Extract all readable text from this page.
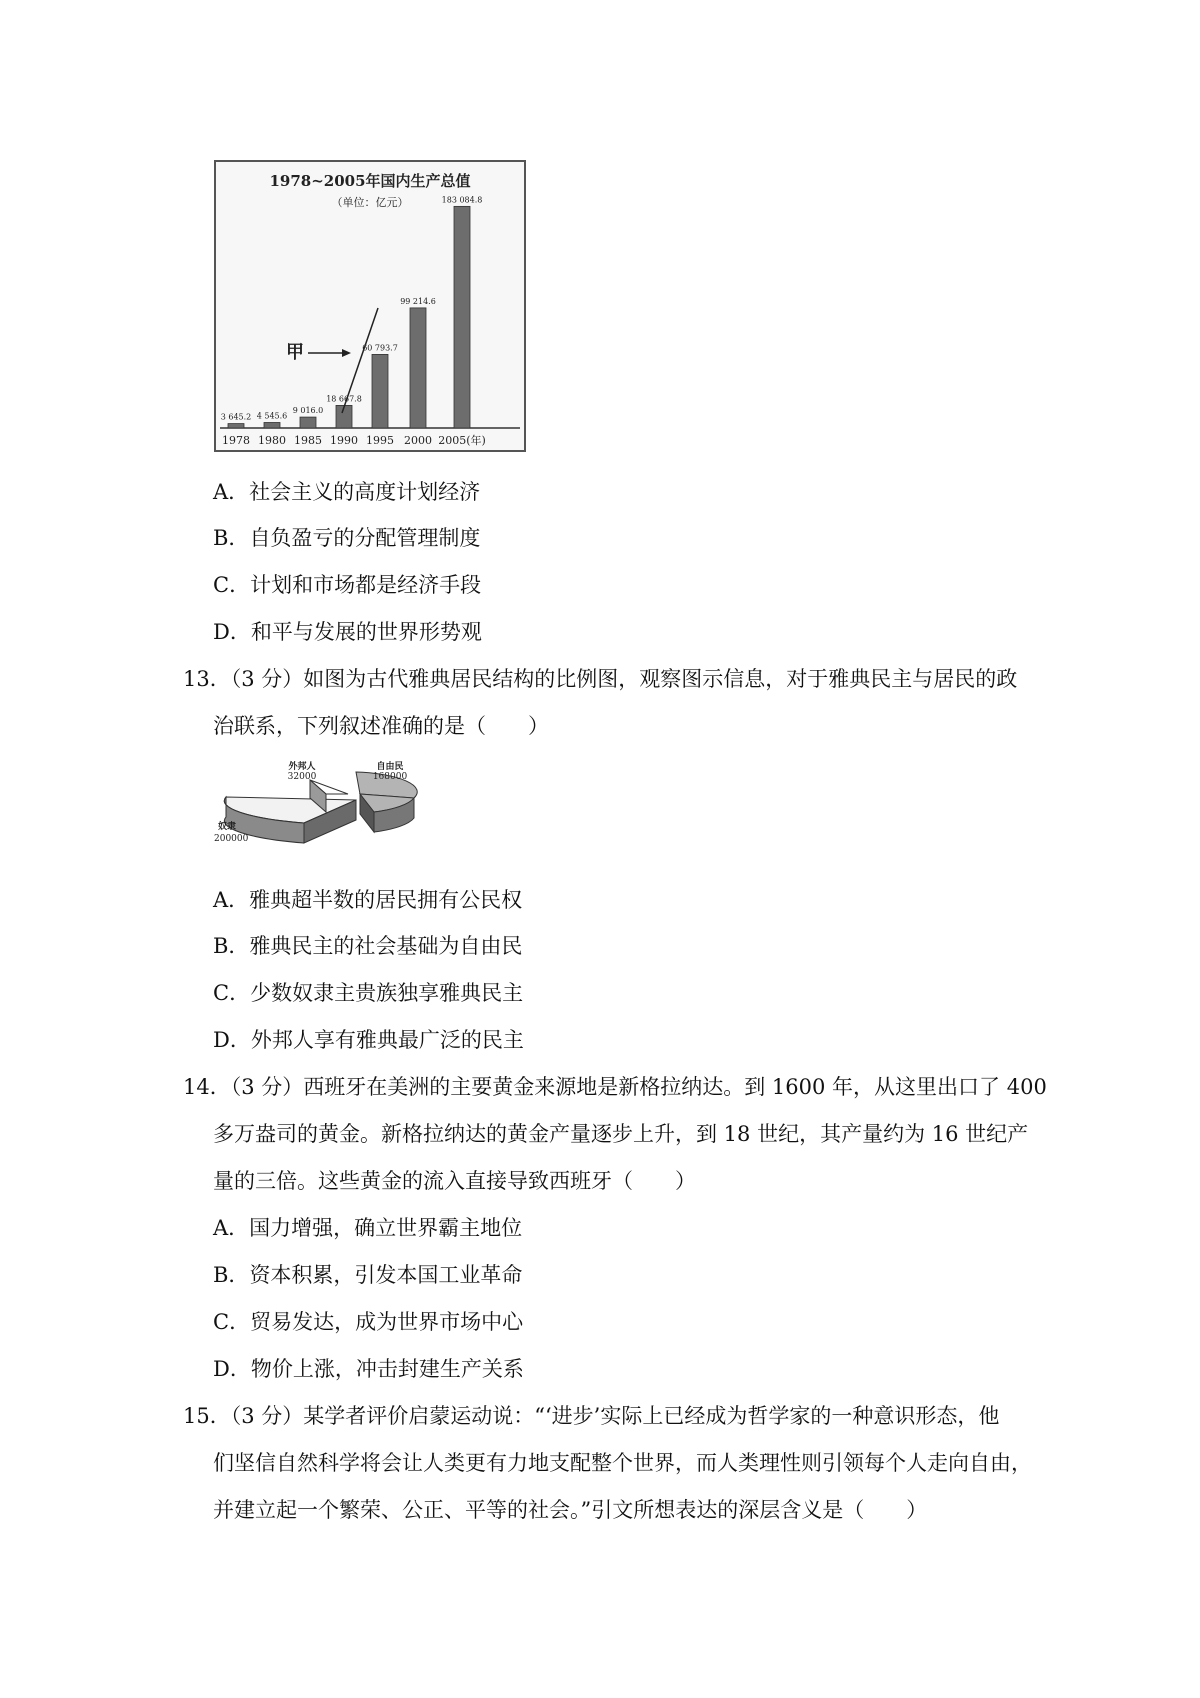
1978~2005年国内生产总值
（单位：亿元）
3 645.2
1978
4 545.6
1980
9 016.0
1985
18 667.8
1990
60 793.7
1995
99 214.6
2000
183 084.8
2005(年)
甲
A．社会主义的高度计划经济
B．自负盈亏的分配管理制度
C．计划和市场都是经济手段
D．和平与发展的世界形势观
13．（3 分）如图为古代雅典居民结构的比例图，观察图示信息，对于雅典民主与居民的政
治联系，下列叙述准确的是（　　）
外邦人
32000
自由民
168000
奴隶
200000
A．雅典超半数的居民拥有公民权
B．雅典民主的社会基础为自由民
C．少数奴隶主贵族独享雅典民主
D．外邦人享有雅典最广泛的民主
14．（3 分）西班牙在美洲的主要黄金来源地是新格拉纳达。到 1600 年，从这里出口了 400
多万盎司的黄金。新格拉纳达的黄金产量逐步上升，到 18 世纪，其产量约为 16 世纪产
量的三倍。这些黄金的流入直接导致西班牙（　　）
A．国力增强，确立世界霸主地位
B．资本积累，引发本国工业革命
C．贸易发达，成为世界市场中心
D．物价上涨，冲击封建生产关系
15．（3 分）某学者评价启蒙运动说：“‘进步’实际上已经成为哲学家的一种意识形态，他
们坚信自然科学将会让人类更有力地支配整个世界，而人类理性则引领每个人走向自由，
并建立起一个繁荣、公正、平等的社会。”引文所想表达的深层含义是（　　）
